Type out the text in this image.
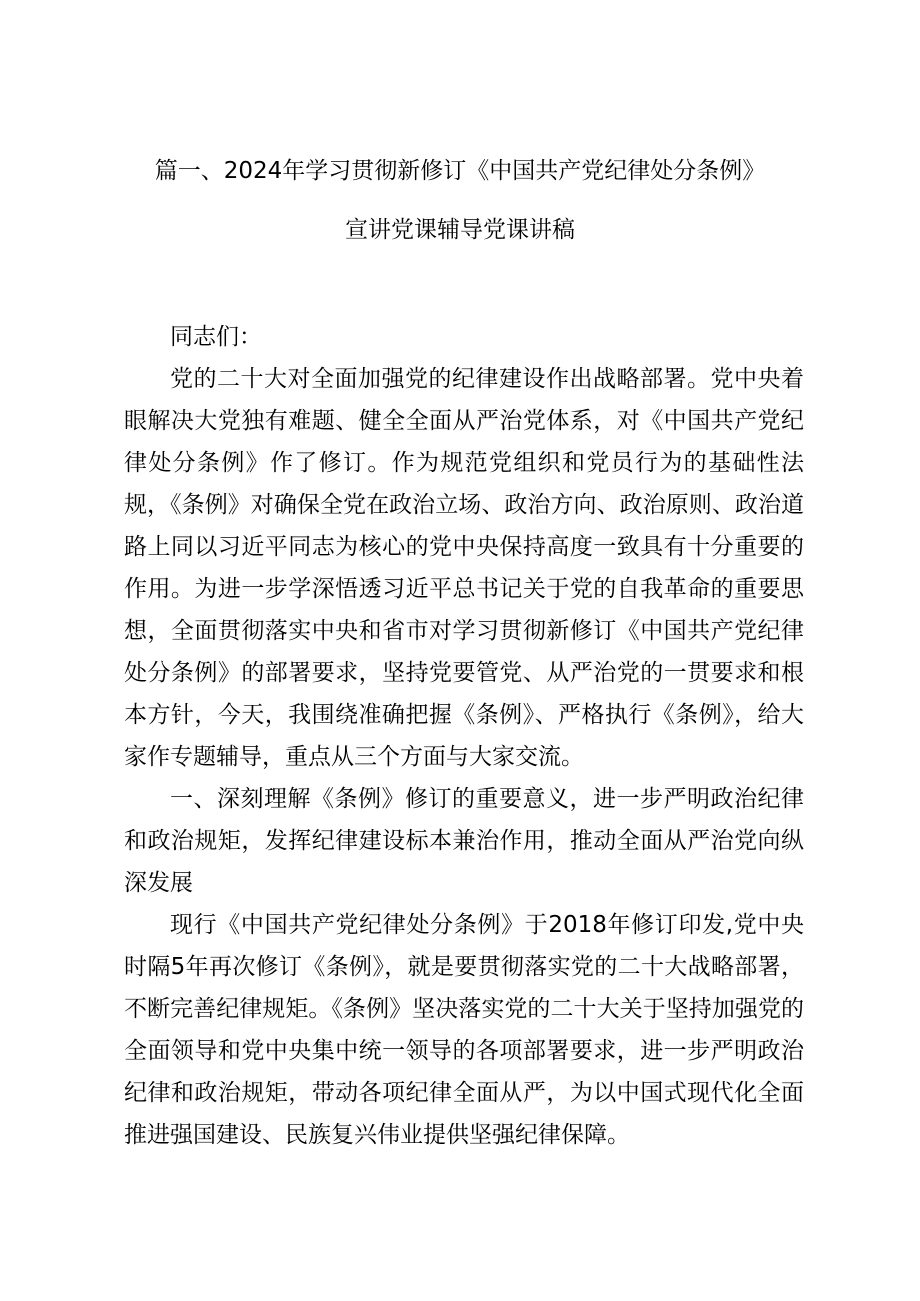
篇一、2024年学习贯彻新修订《中国共产党纪律处分条例》
宣讲党课辅导党课讲稿

同志们：

党的二十大对全面加强党的纪律建设作出战略部署。党中央着眼解决大党独有难题、健全全面从严治党体系，对《中国共产党纪律处分条例》作了修订。作为规范党组织和党员行为的基础性法规，《条例》对确保全党在政治立场、政治方向、政治原则、政治道路上同以习近平同志为核心的党中央保持高度一致具有十分重要的作用。为进一步学深悟透习近平总书记关于党的自我革命的重要思想，全面贯彻落实中央和省市对学习贯彻新修订《中国共产党纪律处分条例》的部署要求，坚持党要管党、从严治党的一贯要求和根本方针，今天，我围绕准确把握《条例》、严格执行《条例》，给大家作专题辅导，重点从三个方面与大家交流。

一、深刻理解《条例》修订的重要意义，进一步严明政治纪律和政治规矩，发挥纪律建设标本兼治作用，推动全面从严治党向纵深发展

现行《中国共产党纪律处分条例》于2018年修订印发,党中央时隔5年再次修订《条例》，就是要贯彻落实党的二十大战略部署，不断完善纪律规矩。《条例》坚决落实党的二十大关于坚持加强党的全面领导和党中央集中统一领导的各项部署要求，进一步严明政治纪律和政治规矩，带动各项纪律全面从严，为以中国式现代化全面推进强国建设、民族复兴伟业提供坚强纪律保障。
